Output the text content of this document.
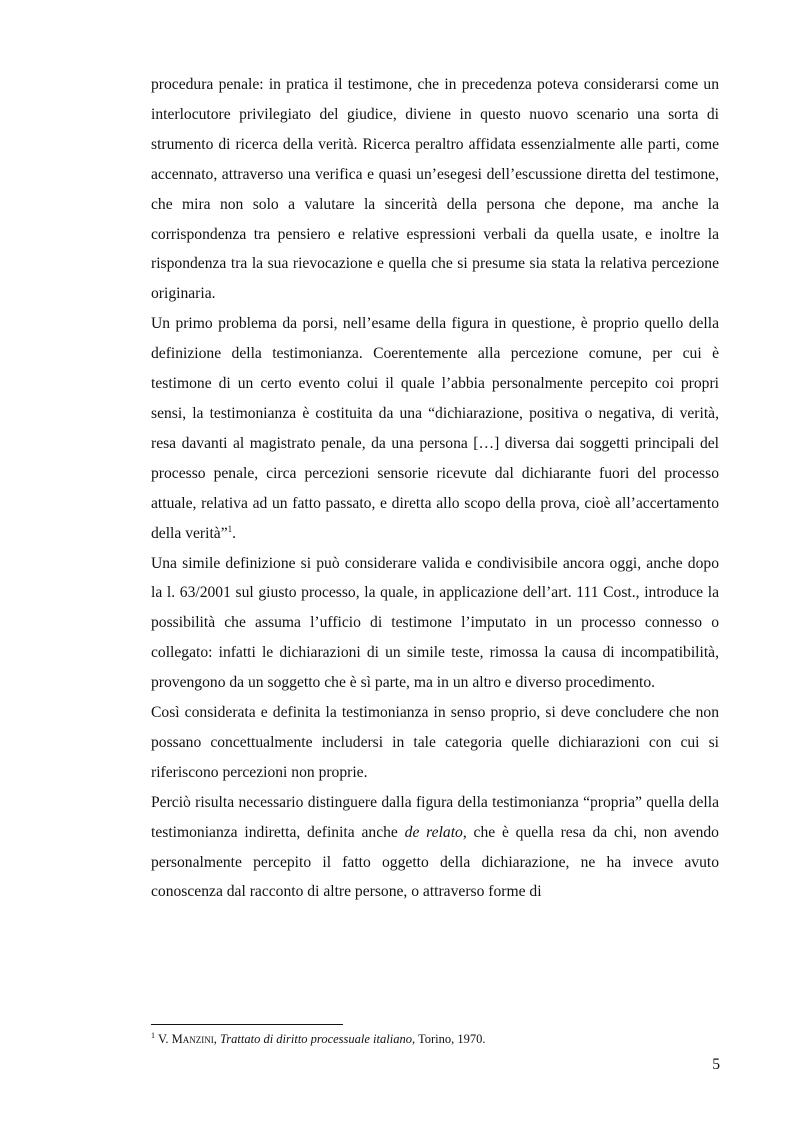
procedura penale: in pratica il testimone, che in precedenza poteva considerarsi come un interlocutore privilegiato del giudice, diviene in questo nuovo scenario una sorta di strumento di ricerca della verità. Ricerca peraltro affidata essenzialmente alle parti, come accennato, attraverso una verifica e quasi un’esegesi dell’escussione diretta del testimone, che mira non solo a valutare la sincerità della persona che depone, ma anche la corrispondenza tra pensiero e relative espressioni verbali da quella usate, e inoltre la rispondenza tra la sua rievocazione e quella che si presume sia stata la relativa percezione originaria.

Un primo problema da porsi, nell’esame della figura in questione, è proprio quello della definizione della testimonianza. Coerentemente alla percezione comune, per cui è testimone di un certo evento colui il quale l’abbia personalmente percepito coi propri sensi, la testimonianza è costituita da una “dichiarazione, positiva o negativa, di verità, resa davanti al magistrato penale, da una persona […] diversa dai soggetti principali del processo penale, circa percezioni sensorie ricevute dal dichiarante fuori del processo attuale, relativa ad un fatto passato, e diretta allo scopo della prova, cioè all’accertamento della verità”$^1$.

Una simile definizione si può considerare valida e condivisibile ancora oggi, anche dopo la l. 63/2001 sul giusto processo, la quale, in applicazione dell’art. 111 Cost., introduce la possibilità che assuma l’ufficio di testimone l’imputato in un processo connesso o collegato: infatti le dichiarazioni di un simile teste, rimossa la causa di incompatibilità, provengono da un soggetto che è sì parte, ma in un altro e diverso procedimento.

Così considerata e definita la testimonianza in senso proprio, si deve concludere che non possano concettualmente includersi in tale categoria quelle dichiarazioni con cui si riferiscono percezioni non proprie.

Perciò risulta necessario distinguere dalla figura della testimonianza “propria” quella della testimonianza indiretta, definita anche de relato, che è quella resa da chi, non avendo personalmente percepito il fatto oggetto della dichiarazione, ne ha invece avuto conoscenza dal racconto di altre persone, o attraverso forme di

$^1$ V. Manzini, Trattato di diritto processuale italiano, Torino, 1970.
5
